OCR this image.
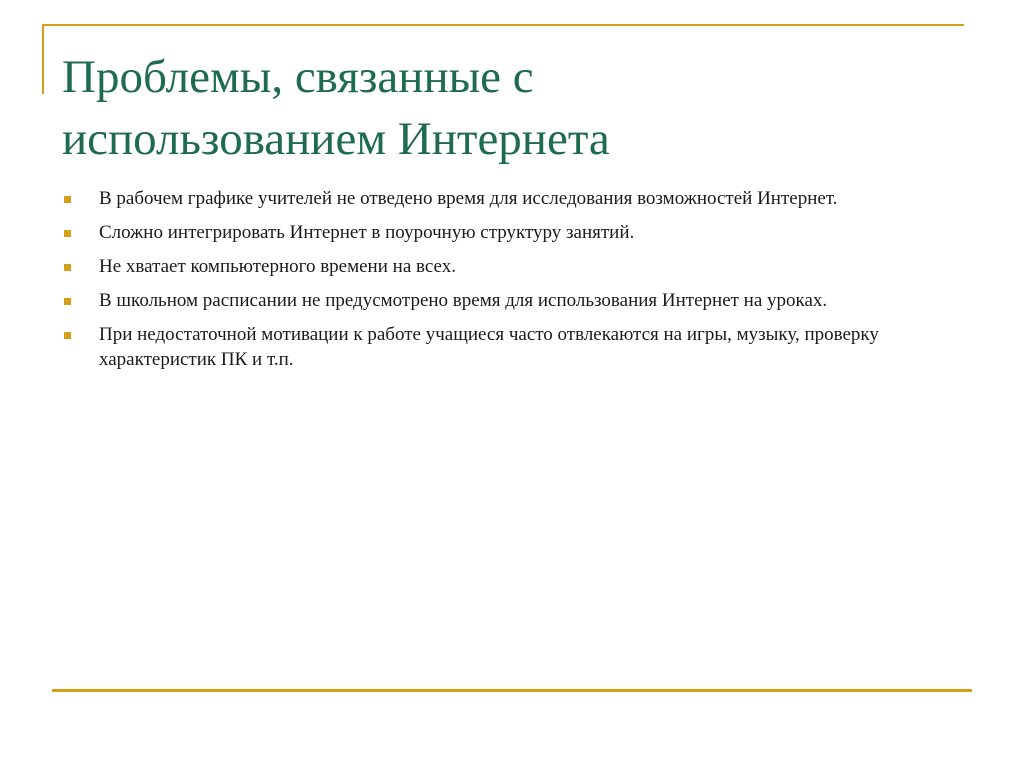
Проблемы, связанные с
использованием Интернета
В рабочем графике учителей не отведено время для исследования возможностей Интернет.
Сложно интегрировать Интернет в поурочную структуру занятий.
Не хватает компьютерного времени на всех.
В школьном расписании не предусмотрено время для использования Интернет на уроках.
При недостаточной мотивации к работе учащиеся часто отвлекаются на игры, музыку, проверку характеристик ПК и т.п.
